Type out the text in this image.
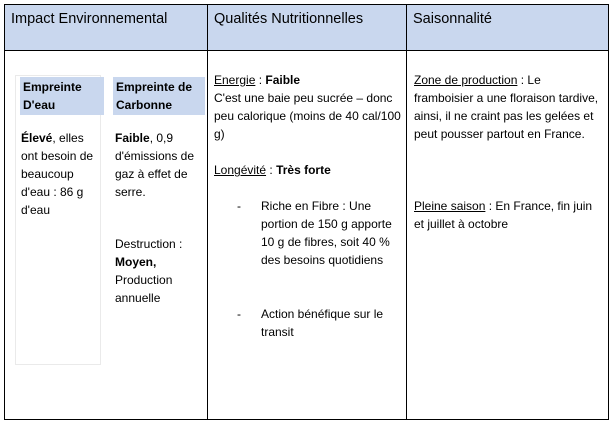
Impact Environnemental	Qualités Nutritionnelles	Saisonnalité
Empreinte D'eau
Élevé, elles ont besoin de beaucoup d'eau : 86 g d'eau
Empreinte de Carbonne
Faible, 0,9 d'émissions de gaz à effet de serre.
Destruction :
Moyen,
Production annuelle
Energie : Faible
C'est une baie peu sucrée – donc peu calorique (moins de 40 cal/100 g)
Longévité : Très forte
- Riche en Fibre : Une portion de 150 g apporte 10 g de fibres, soit 40 % des besoins quotidiens
- Action bénéfique sur le transit
Zone de production : Le framboisier a une floraison tardive, ainsi, il ne craint pas les gelées et peut pousser partout en France.
Pleine saison : En France, fin juin et juillet à octobre
